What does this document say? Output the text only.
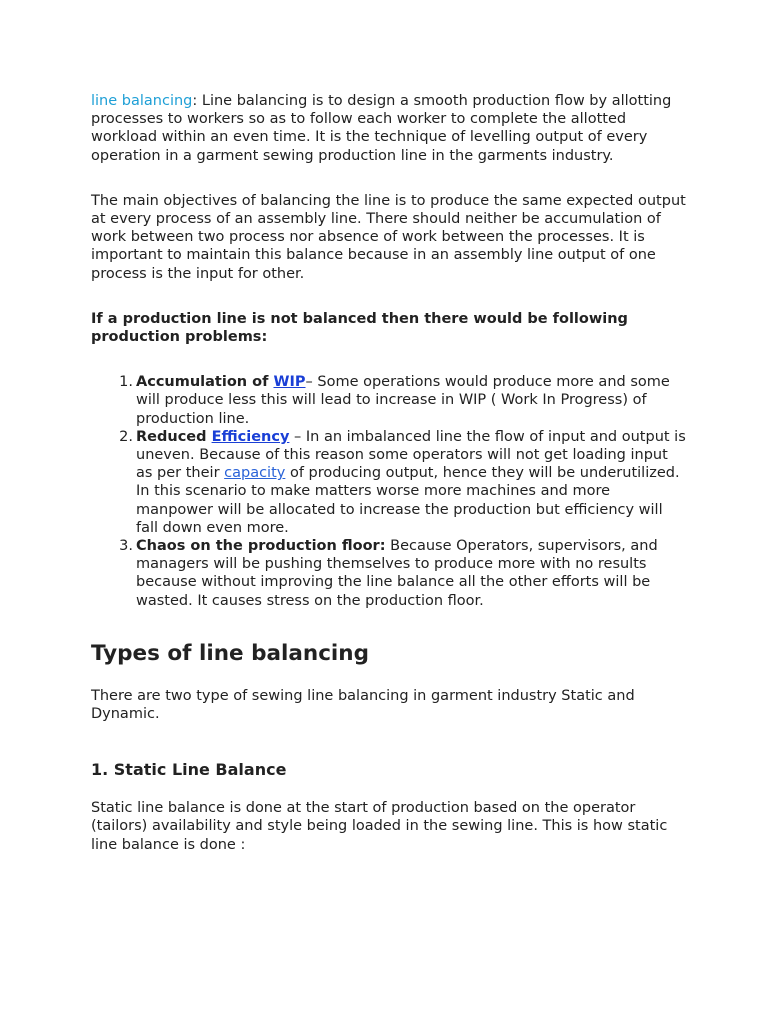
line balancing: Line balancing is to design a smooth production flow by allotting processes to workers so as to follow each worker to complete the allotted workload within an even time. It is the technique of levelling output of every operation in a garment sewing production line in the garments industry.

The main objectives of balancing the line is to produce the same expected output at every process of an assembly line. There should neither be accumulation of work between two process nor absence of work between the processes. It is important to maintain this balance because in an assembly line output of one process is the input for other.

If a production line is not balanced then there would be following production problems:

1. Accumulation of WIP– Some operations would produce more and some will produce less this will lead to increase in WIP ( Work In Progress) of production line.
2. Reduced Efficiency – In an imbalanced line the flow of input and output is uneven. Because of this reason some operators will not get loading input as per their capacity of producing output, hence they will be underutilized. In this scenario to make matters worse more machines and more manpower will be allocated to increase the production but efficiency will fall down even more.
3. Chaos on the production floor: Because Operators, supervisors, and managers will be pushing themselves to produce more with no results because without improving the line balance all the other efforts will be wasted. It causes stress on the production floor.
Types of line balancing

There are two type of sewing line balancing in garment industry Static and Dynamic.

1. Static Line Balance

Static line balance is done at the start of production based on the operator (tailors) availability and style being loaded in the sewing line. This is how static line balance is done :
